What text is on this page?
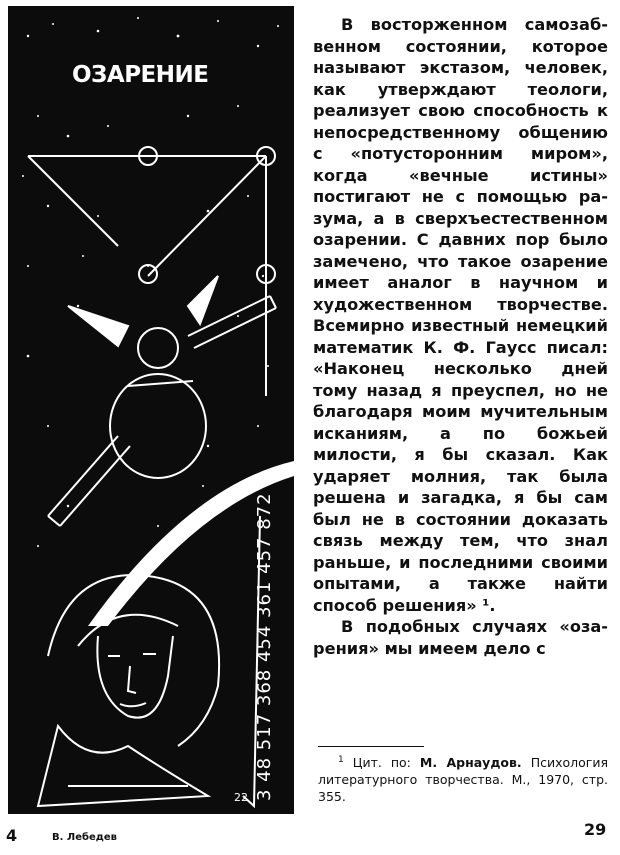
ОЗАРЕНИЕ
3 48 517 368 454 361 457 872
22

В восторженном самозабвенном состоянии, которое называют экстазом, человек, как утверждают теологи, реализует свою способность к непосредственному общению с «потусторонним миром», когда «вечные истины» постигают не с помощью разума, а в сверхъестественном озарении. С давних пор было замечено, что такое озарение имеет аналог в научном и художественном творчестве. Всемирно известный немецкий математик К. Ф. Гаусс писал: «Наконец несколько дней тому назад я преуспел, но не благодаря моим мучительным исканиям, а по божьей милости, я бы сказал. Как ударяет молния, так была решена и загадка, я бы сам был не в состоянии доказать связь между тем, что знал раньше, и последними своими опытами, а также найти способ решения» ¹.

В подобных случаях «озарения» мы имеем дело с

$^1$ Цит. по: М. Арнаудов. Психология литературного творчества. М., 1970, стр. 355.
4	В. Лебедев	29
